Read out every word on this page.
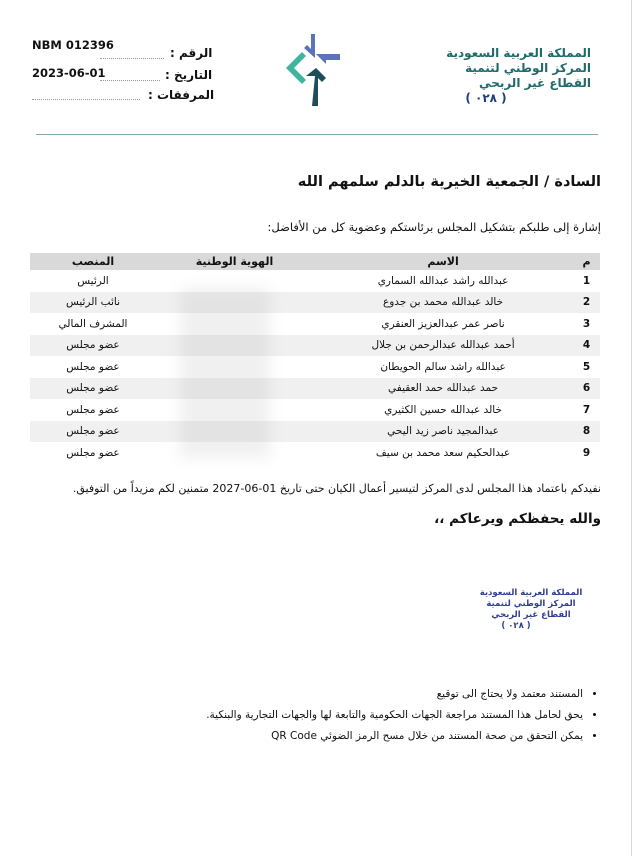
NBM 012396
الرقم :
2023-06-01	التاريخ :
المرفقات :
المملكة العربية السعودية
المركز الوطني لتنمية
القطاع غير الربحي
( ٠٢٨ )
السادة / الجمعية الخيرية بالدلم سلمهم الله
إشارة إلى طلبكم بتشكيل المجلس برئاستكم وعضوية كل من الأفاضل:
م	الاسم	الهوية الوطنية	المنصب
1	عبدالله راشد عبدالله السماري		الرئيس
2	خالد عبدالله محمد بن جدوع		نائب الرئيس
3	ناصر عمر عبدالعزيز العنقري		المشرف المالي
4	أحمد عبدالله عبدالرحمن بن جلال		عضو مجلس
5	عبدالله راشد سالم الحويطان		عضو مجلس
6	حمد عبدالله حمد العقيفي		عضو مجلس
7	خالد عبدالله حسين الكثيري		عضو مجلس
8	عبدالمجيد ناصر زيد اليحي		عضو مجلس
9	عبدالحكيم سعد محمد بن سيف		عضو مجلس
نفيدكم باعتماد هذا المجلس لدى المركز لتيسير أعمال الكيان حتى تاريخ 01-06-2027 متمنين لكم مزيداً من التوفيق.
والله يحفظكم ويرعاكم ،،
المملكة العربية السعودية
المركز الوطني لتنمية
القطاع غير الربحي
( ٠٢٨ )
• المستند معتمد ولا يحتاج الى توقيع
• يحق لحامل هذا المستند مراجعة الجهات الحكومية والتابعة لها والجهات التجارية والبنكية.
• يمكن التحقق من صحة المستند من خلال مسح الرمز الضوئي QR Code
